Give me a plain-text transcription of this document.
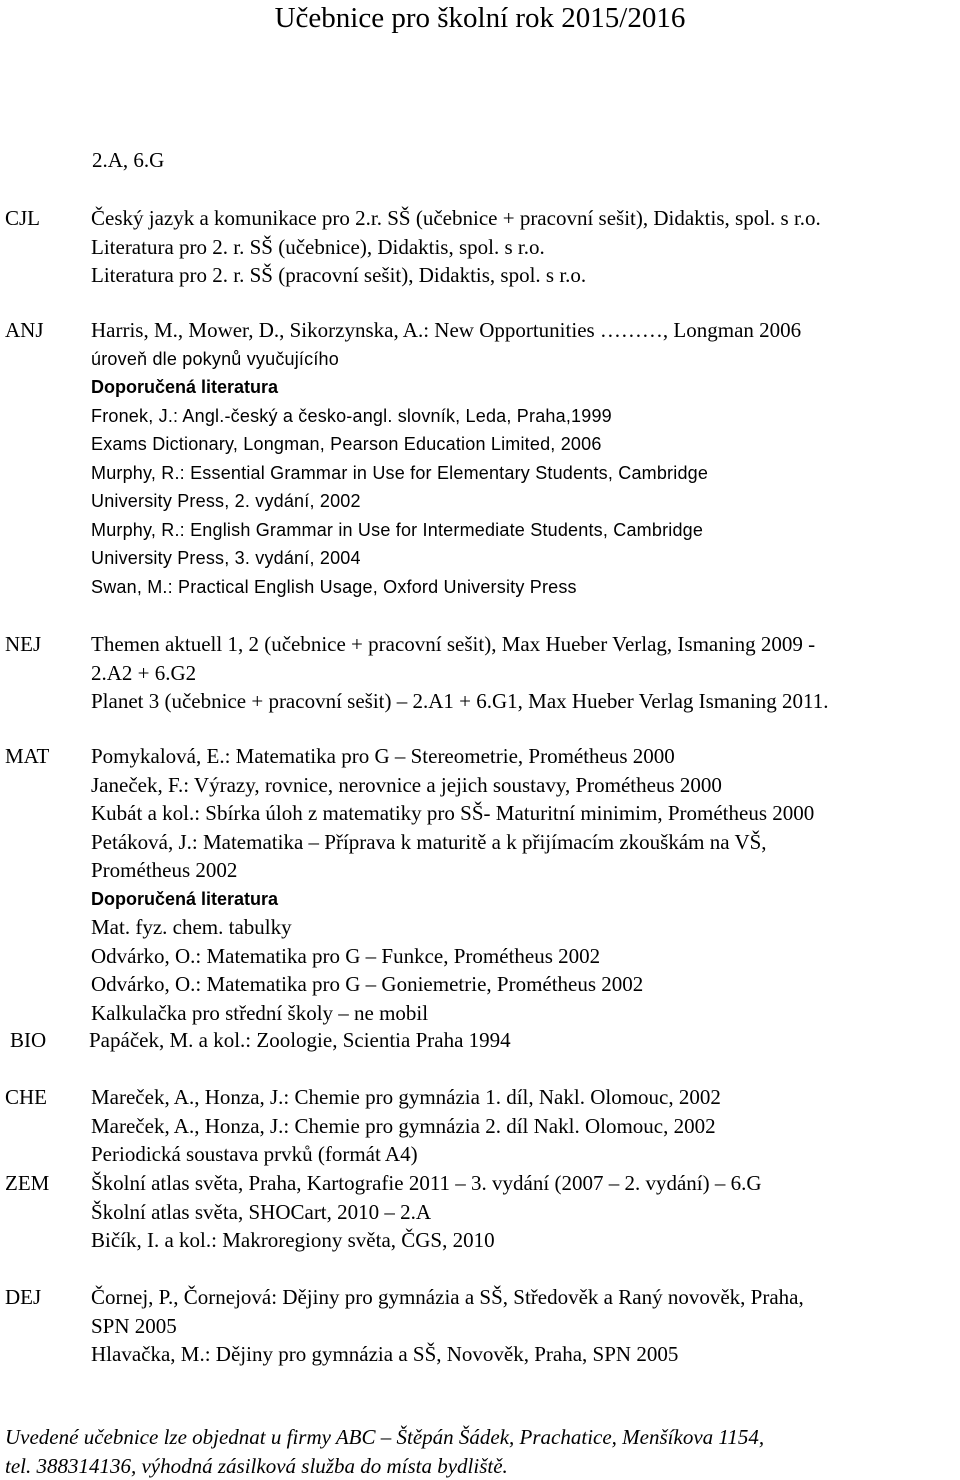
Učebnice pro školní rok 2015/2016
2.A, 6.G
CJL Český jazyk a komunikace pro 2.r. SŠ (učebnice + pracovní sešit), Didaktis, spol. s r.o.
Literatura pro 2. r. SŠ (učebnice), Didaktis, spol. s r.o.
Literatura pro 2. r. SŠ (pracovní sešit), Didaktis, spol. s r.o.
ANJ Harris, M., Mower, D., Sikorzynska, A.: New Opportunities ………, Longman 2006
úroveň dle pokynů vyučujícího
Doporučená literatura
Fronek, J.: Angl.-český a česko-angl. slovník, Leda, Praha,1999
Exams Dictionary, Longman, Pearson Education Limited, 2006
Murphy, R.: Essential Grammar in Use for Elementary Students, Cambridge
University Press, 2. vydání, 2002
Murphy, R.: English Grammar in Use for Intermediate Students, Cambridge
University Press, 3. vydání, 2004
Swan, M.: Practical English Usage, Oxford University Press
NEJ Themen aktuell 1, 2 (učebnice + pracovní sešit), Max Hueber Verlag, Ismaning 2009 -
2.A2 + 6.G2
Planet 3 (učebnice + pracovní sešit) – 2.A1 + 6.G1, Max Hueber Verlag Ismaning 2011.
MAT Pomykalová, E.: Matematika pro G – Stereometrie, Prométheus 2000
Janeček, F.: Výrazy, rovnice, nerovnice a jejich soustavy, Prométheus 2000
Kubát a kol.: Sbírka úloh z matematiky pro SŠ- Maturitní minimim, Prométheus 2000
Petáková, J.: Matematika – Příprava k maturitě a k přijímacím zkouškám na VŠ,
Prométheus 2002
Doporučená literatura
Mat. fyz. chem. tabulky
Odvárko, O.: Matematika pro G – Funkce, Prométheus 2002
Odvárko, O.: Matematika pro G – Goniemetrie, Prométheus 2002
Kalkulačka pro střední školy – ne mobil
BIO Papáček, M. a kol.: Zoologie, Scientia Praha 1994
CHE Mareček, A., Honza, J.: Chemie pro gymnázia 1. díl, Nakl. Olomouc, 2002
Mareček, A., Honza, J.: Chemie pro gymnázia 2. díl Nakl. Olomouc, 2002
Periodická soustava prvků (formát A4)
ZEM Školní atlas světa, Praha, Kartografie 2011 – 3. vydání (2007 – 2. vydání) – 6.G
Školní atlas světa, SHOCart, 2010 – 2.A
Bičík, I. a kol.: Makroregiony světa, ČGS, 2010
DEJ Čornej, P., Čornejová: Dějiny pro gymnázia a SŠ, Středověk a Raný novověk, Praha,
SPN 2005
Hlavačka, M.: Dějiny pro gymnázia a SŠ, Novověk, Praha, SPN 2005
Uvedené učebnice lze objednat u firmy ABC – Štěpán Šádek, Prachatice, Menšíkova 1154,
tel. 388314136, výhodná zásilková služba do místa bydliště.
